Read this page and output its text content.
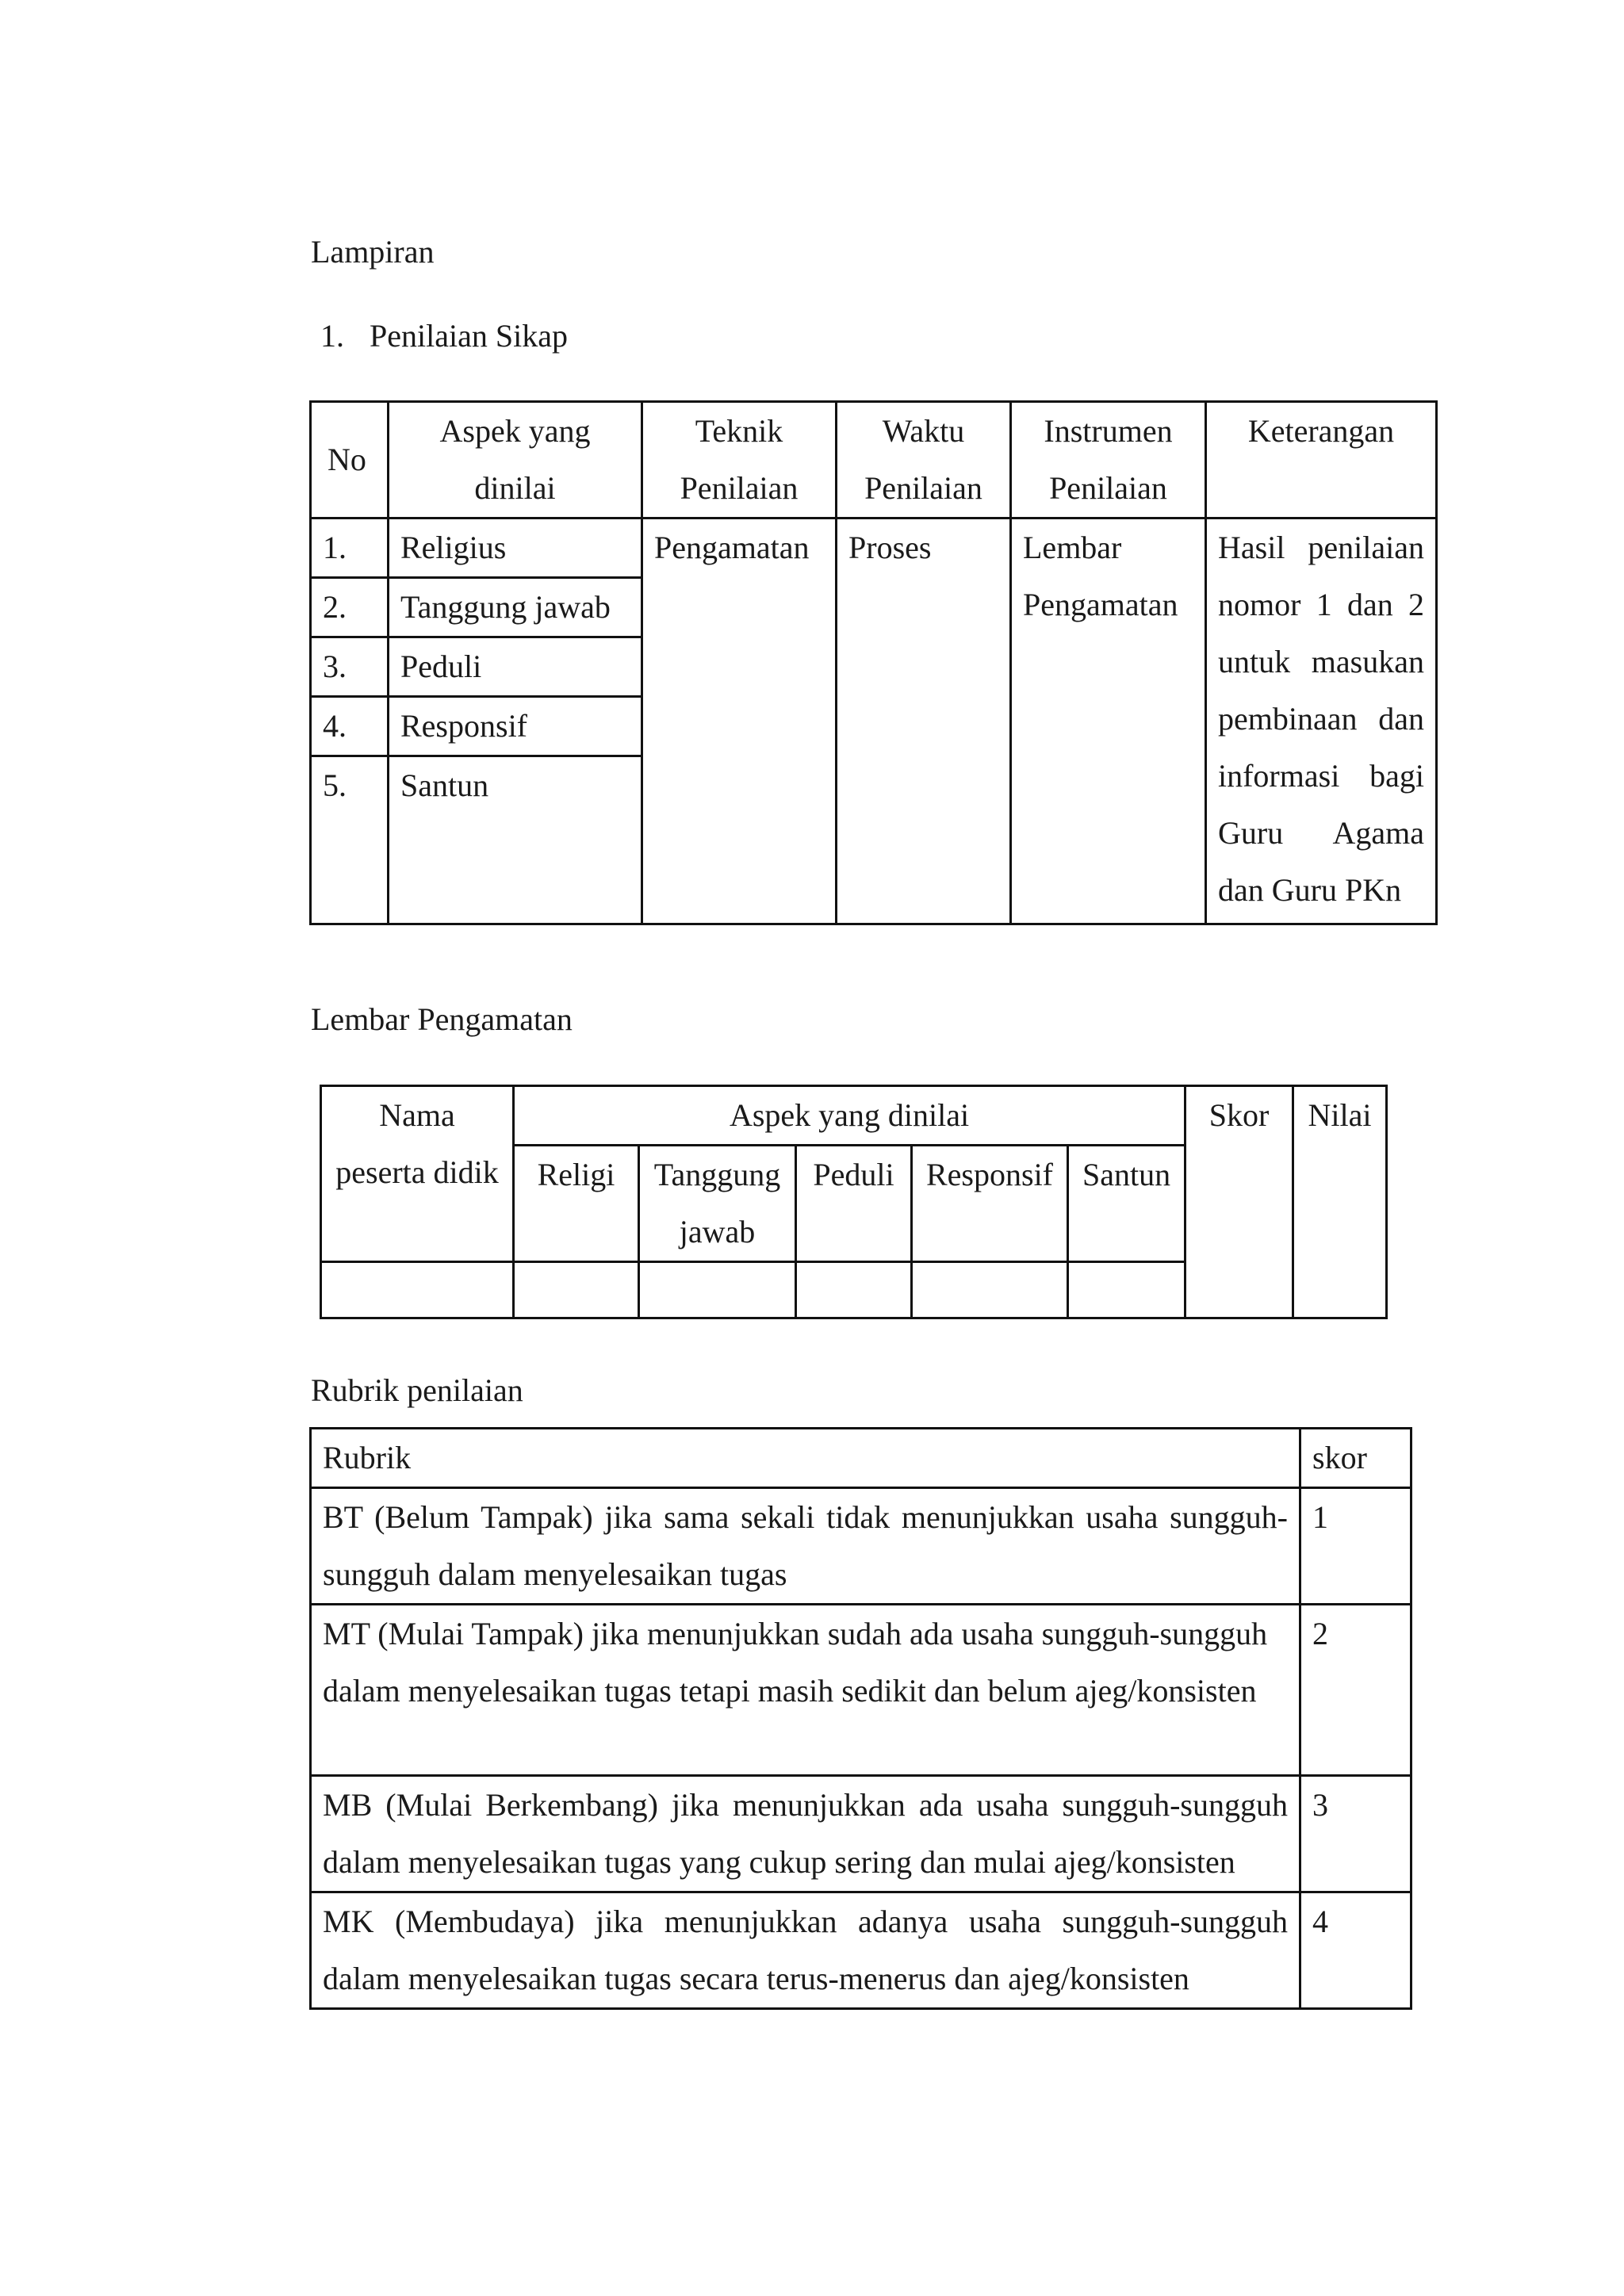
Lampiran
1. Penilaian Sikap
No	Aspek yang dinilai	Teknik Penilaian	Waktu Penilaian	Instrumen Penilaian	Keterangan
1.	Religius	Pengamatan	Proses	Lembar Pengamatan	Hasil penilaian nomor 1 dan 2 untuk masukan pembinaan dan informasi bagi Guru Agama dan Guru PKn
2.	Tanggung jawab				
3.	Peduli				
4.	Responsif				
5.	Santun				
Lembar Pengamatan
Nama peserta didik	Aspek yang dinilai					Skor	Nilai
	Religi	Tanggung jawab	Peduli	Responsif	Santun		

Rubrik penilaian
Rubrik	skor
BT (Belum Tampak) jika sama sekali tidak menunjukkan usaha sungguh-sungguh dalam menyelesaikan tugas	1
MT (Mulai Tampak) jika menunjukkan sudah ada usaha sungguh-sungguh dalam menyelesaikan tugas tetapi masih sedikit dan belum ajeg/konsisten	2
MB (Mulai Berkembang) jika menunjukkan ada usaha sungguh-sungguh dalam menyelesaikan tugas yang cukup sering dan mulai ajeg/konsisten	3
MK (Membudaya) jika menunjukkan adanya usaha sungguh-sungguh dalam menyelesaikan tugas secara terus-menerus dan ajeg/konsisten	4
